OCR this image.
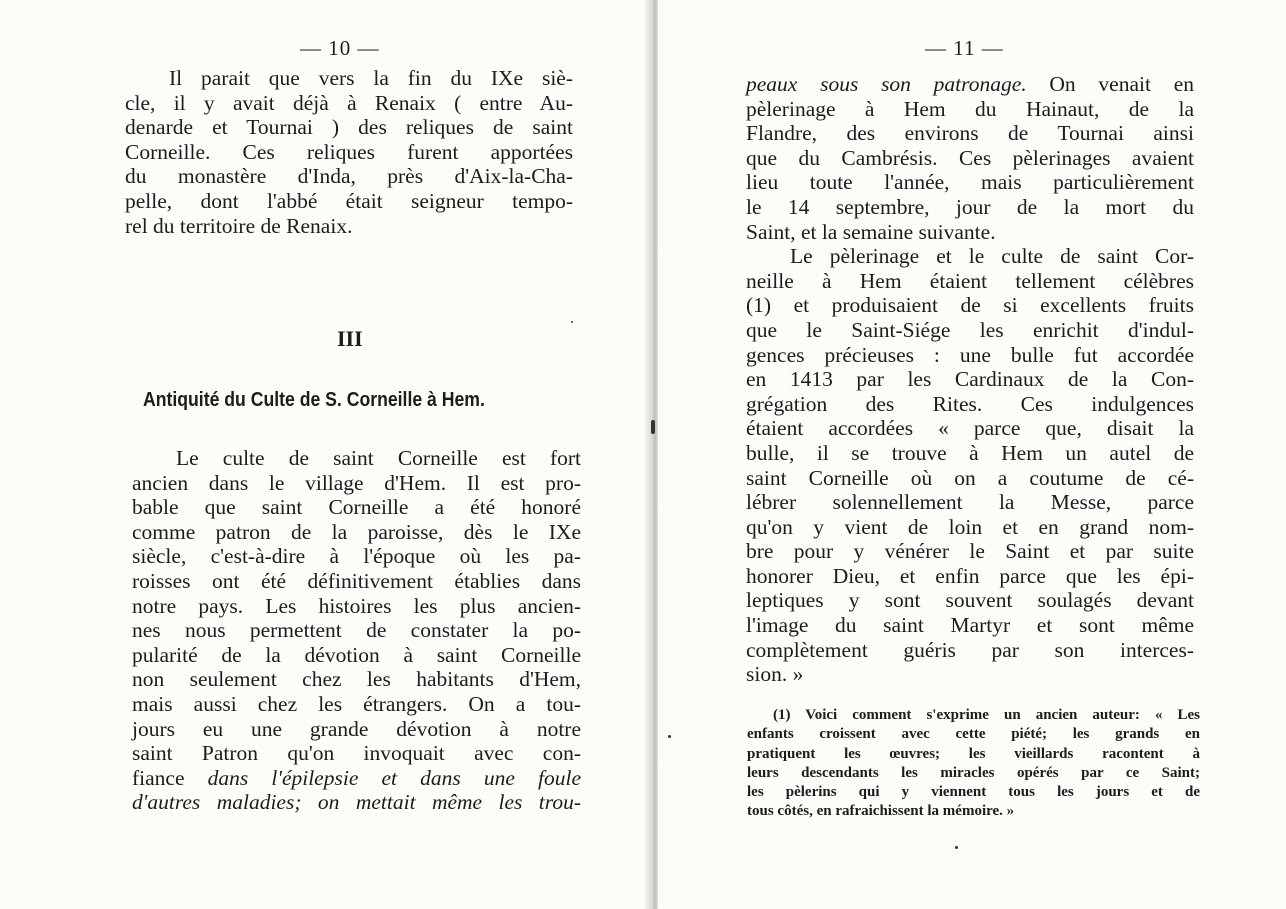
— 10 —
Il parait que vers la fin du IXe siè-
cle, il y avait déjà à Renaix ( entre Au-
denarde et Tournai ) des reliques de saint
Corneille. Ces reliques furent apportées
du monastère d'Inda, près d'Aix-la-Cha-
pelle, dont l'abbé était seigneur tempo-
rel du territoire de Renaix.
III
Antiquité du Culte de S. Corneille à Hem.
Le culte de saint Corneille est fort
ancien dans le village d'Hem. Il est pro-
bable que saint Corneille a été honoré
comme patron de la paroisse, dès le IXe
siècle, c'est-à-dire à l'époque où les pa-
roisses ont été définitivement établies dans
notre pays. Les histoires les plus ancien-
nes nous permettent de constater la po-
pularité de la dévotion à saint Corneille
non seulement chez les habitants d'Hem,
mais aussi chez les étrangers. On a tou-
jours eu une grande dévotion à notre
saint Patron qu'on invoquait avec con-
fiance dans l'épilepsie et dans une foule
d'autres maladies; on mettait même les trou-
— 11 —
peaux sous son patronage. On venait en
pèlerinage à Hem du Hainaut, de la
Flandre, des environs de Tournai ainsi
que du Cambrésis. Ces pèlerinages avaient
lieu toute l'année, mais particulièrement
le 14 septembre, jour de la mort du
Saint, et la semaine suivante.
Le pèlerinage et le culte de saint Cor-
neille à Hem étaient tellement célèbres
(1) et produisaient de si excellents fruits
que le Saint-Siége les enrichit d'indul-
gences précieuses : une bulle fut accordée
en 1413 par les Cardinaux de la Con-
grégation des Rites. Ces indulgences
étaient accordées « parce que, disait la
bulle, il se trouve à Hem un autel de
saint Corneille où on a coutume de cé-
lébrer solennellement la Messe, parce
qu'on y vient de loin et en grand nom-
bre pour y vénérer le Saint et par suite
honorer Dieu, et enfin parce que les épi-
leptiques y sont souvent soulagés devant
l'image du saint Martyr et sont même
complètement guéris par son interces-
sion. »
(1) Voici comment s'exprime un ancien auteur: « Les
enfants croissent avec cette piété; les grands en
pratiquent les œuvres; les vieillards racontent à
leurs descendants les miracles opérés par ce Saint;
les pèlerins qui y viennent tous les jours et de
tous côtés, en rafraichissent la mémoire. »
